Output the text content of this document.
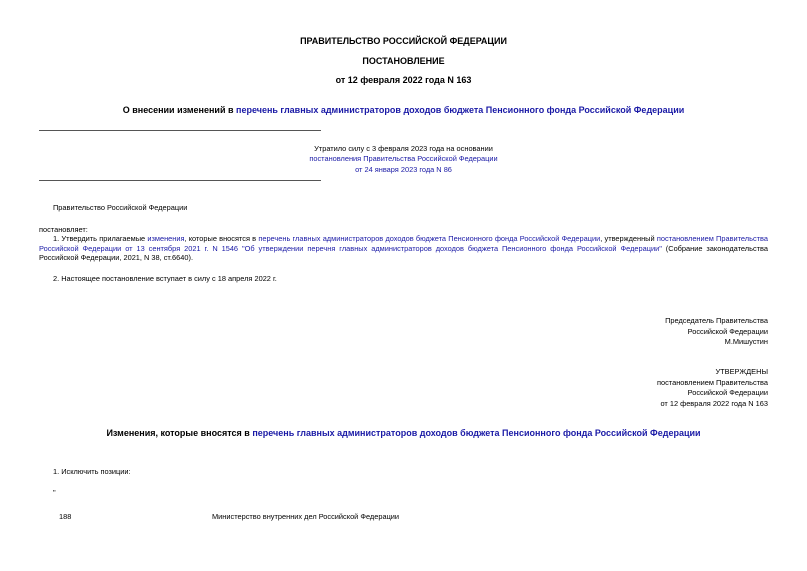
ПРАВИТЕЛЬСТВО РОССИЙСКОЙ ФЕДЕРАЦИИ
ПОСТАНОВЛЕНИЕ
от 12 февраля 2022 года N 163
О внесении изменений в перечень главных администраторов доходов бюджета Пенсионного фонда Российской Федерации
Утратило силу с 3 февраля 2023 года на основании
постановления Правительства Российской Федерации
от 24 января 2023 года N 86
Правительство Российской Федерации
постановляет:
1. Утвердить прилагаемые изменения, которые вносятся в перечень главных администраторов доходов бюджета Пенсионного фонда Российской Федерации, утвержденный постановлением Правительства Российской Федерации от 13 сентября 2021 г. N 1546 "Об утверждении перечня главных администраторов доходов бюджета Пенсионного фонда Российской Федерации" (Собрание законодательства Российской Федерации, 2021, N 38, ст.6640).
2. Настоящее постановление вступает в силу с 18 апреля 2022 г.
Председатель Правительства
Российской Федерации
М.Мишустин
УТВЕРЖДЕНЫ
постановлением Правительства
Российской Федерации
от 12 февраля 2022 года N 163
Изменения, которые вносятся в перечень главных администраторов доходов бюджета Пенсионного фонда Российской Федерации
1. Исключить позиции:
"
188	Министерство внутренних дел Российской Федерации
